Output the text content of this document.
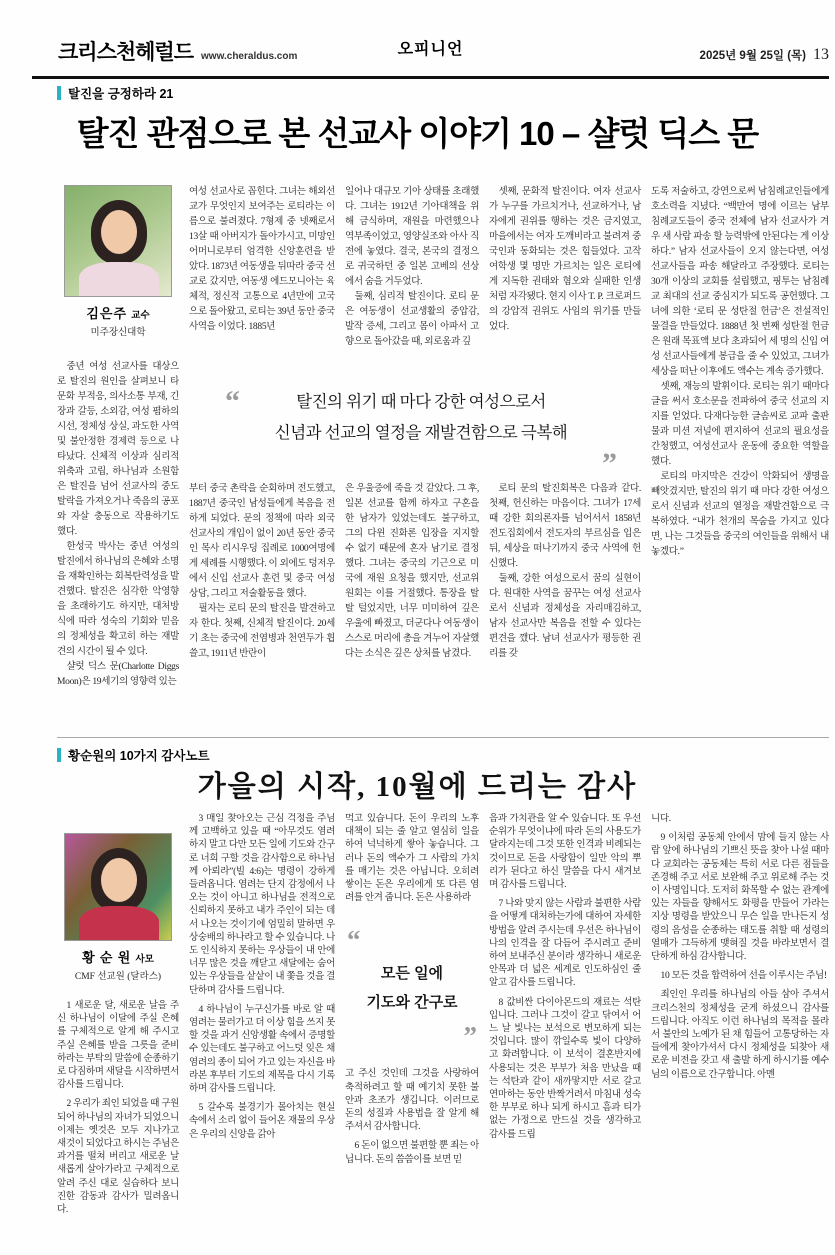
오피니언
크리스천헤럴드 www.cheraldus.com	2025년 9월 25일 (목) 13
탈진을 긍정하라 21
탈진 관점으로 본 선교사 이야기 10 – 샬럿 딕스 문
김은주 교수
미주장신대학

중년 여성 선교사를 대상으로 탈진의 원인을 살펴보니 타문화 부적응, 의사소통 부재, 긴장과 갈등, 소외감, 여성 폄하의 시선, 정체성 상실, 과도한 사역 및 불안정한 경제력 등으로 나타났다. 신체적 이상과 심리적 위축과 고립, 하나님과 소원함은 탈진을 넘어 선교사의 중도 탈락을 가져오거나 죽음의 공포와 자살 충동으로 작용하기도 했다.

한성국 박사는 중년 여성의 탈진에서 하나님의 은혜와 소명을 재확인하는 회복탄력성을 발견했다. 탈진은 심각한 악영향을 초래하기도 하지만, 대처방식에 따라 성숙의 기회와 믿음의 정체성을 확고히 하는 재발견의 시간이 될 수 있다.

샬럿 딕스 문(Charlotte Diggs Moon)은 19세기의 영향력 있는

여성 선교사로 꼽힌다. 그녀는 해외선교가 무엇인지 보여주는 로티라는 이름으로 불려졌다. 7형제 중 넷째로서 13살 때 아버지가 돌아가시고, 미망인 어머니로부터 엄격한 신앙훈련을 받았다. 1873년 여동생을 뒤따라 중국 선교로 갔지만, 여동생 에드모니아는 육체적, 정신적 고통으로 4년만에 고국으로 돌아왔고, 로티는 39년 동안 중국 사역을 이었다. 1885년

부터 중국 촌락을 순회하며 전도했고, 1887년 중국인 남성들에게 복음을 전하게 되었다. 문의 정책에 따라 외국 선교사의 개입이 없이 20년 동안 중국인 목사 리시우딩 집례로 1000여명에게 세례를 시행했다. 이 외에도 덩저우에서 신입 선교사 훈련 및 중국 여성 상담, 그리고 저술활동을 했다.

필자는 로티 문의 탈진을 발견하고자 한다. 첫째, 신체적 탈진이다. 20세기 초는 중국에 전염병과 천연두가 휩쓸고, 1911년 반란이

일어나 대규모 기아 상태를 초래했다. 그녀는 1912년 기아대책을 위해 금식하며, 재원을 마련했으나 역부족이었고, 영양실조와 아사 직전에 놓였다. 결국, 본국의 결정으로 귀국하던 중 일본 고베의 선상에서 숨을 거두었다.

둘째, 심리적 탈진이다. 로티 문은 여동생이 선교생활의 중압감, 발작 증세, 그리고 몸이 아파서 고향으로 돌아갔을 때, 외로움과 깊

은 우울증에 죽을 것 같았다. 그 후, 일본 선교를 함께 하자고 구혼을 한 남자가 있었는데도 불구하고, 그의 다윈 진화론 입장을 지지할 수 없기 때문에 혼자 남기로 결정했다. 그녀는 중국의 기근으로 미국에 재원 요청을 했지만, 선교위원회는 이를 거절했다. 통장을 탈탈 털었지만, 너무 미미하여 깊은 우울에 빠졌고, 더군다나 여동생이 스스로 머리에 총을 겨누어 자살했다는 소식은 깊은 상처를 남겼다.

셋째, 문화적 탈진이다. 여자 선교사가 누구를 가르치거나, 선교하거나, 남자에게 권위를 행하는 것은 금지였고, 마을에서는 여자 도깨비라고 불려져 중국인과 동화되는 것은 힘들었다. 고작 여학생 몇 명만 가르치는 일은 로티에게 지독한 권태와 혐오와 실패한 인생처럼 자각됐다. 현지 이사 T. P. 크로퍼드의 강압적 권위도 사임의 위기를 만들었다.

로티 문의 탈진회복은 다음과 같다. 첫째, 헌신하는 마음이다. 그녀가 17세 때 강한 회의론자를 넘어서서 1858년 전도집회에서 전도자의 부르심을 입은 뒤, 세상을 떠나기까지 중국 사역에 헌신했다.

둘째, 강한 여성으로서 꿈의 실현이다. 원대한 사역을 꿈꾸는 여성 선교사로서 신념과 정체성을 자리매김하고, 남자 선교사만 복음을 전할 수 있다는 편견을 깼다. 남녀 선교사가 평등한 권리를 갖

도록 저술하고, 강연으로써 남침례교인들에게 호소력을 지녔다. “백만여 명에 이르는 남부 침례교도들이 중국 전체에 남자 선교사가 겨우 새 사람 파송 할 능력밖에 안된다는 게 이상하다.” 남자 선교사들이 오지 않는다면, 여성 선교사들을 파송 해달라고 주장했다. 로티는 30개 이상의 교회를 설립했고, 핑투는 남침례교 최대의 선교 중심지가 되도록 공헌했다. 그녀에 의한 ‘로티 문 성탄절 헌금’은 전설적인 물결을 만들었다. 1888년 첫 번째 성탄절 헌금은 원래 목표액 보다 초과되어 세 명의 신입 여성 선교사들에게 봉급을 줄 수 있었고, 그녀가 세상을 떠난 이후에도 액수는 계속 증가했다.

셋째, 재능의 발휘이다. 로티는 위기 때마다 글을 써서 호소문을 전파하여 중국 선교의 지지를 얻었다. 다재다능한 글솜씨로 교파 출판물과 미션 저널에 편지하여 선교의 필요성을 간청했고, 여성선교사 운동에 중요한 역할을 했다.

로티의 마지막은 건강이 악화되어 생명을 빼앗겼지만, 탈진의 위기 때 마다 강한 여성으로서 신념과 선교의 열정을 재발견함으로 극복하였다. “내가 천개의 목숨을 가지고 있다면, 나는 그것들을 중국의 여인들을 위해서 내놓겠다.”

“	탈진의 위기 때 마다 강한 여성으로서
신념과 선교의 열정을 재발견함으로 극복해
”
황순원의 10가지 감사노트
가을의 시작, 10월에 드리는 감사
황 순 원 사모
CMF 선교원 (달라스)

1 새로운 달, 새로운 날을 주신 하나님이 이달에 주실 은혜를 구체적으로 알게 해 주시고 주실 은혜를 받을 그릇을 준비하라는 부탁의 말씀에 순종하기로 다짐하며 새달을 시작하면서 감사를 드립니다.

2 우리가 죄인 되었을 때 구원되어 하나님의 자녀가 되었으니 이제는 옛것은 모두 지나가고 새것이 되었다고 하시는 주님은 과거를 떨쳐 버리고 새로운 날 새롭게 살아가라고 구체적으로 알려 주신 대로 실습하다 보니 진한 감동과 감사가 밀려옵니다.

3 매일 찾아오는 근심 걱정을 주님께 고백하고 있을 때 “아무것도 염려하지 말고 다만 모든 일에 기도와 간구로 너희 구할 것을 감사함으로 하나님께 아뢰라”(빌 4:6)는 명령이 강하게 들려옵니다. 염려는 단지 감정에서 나오는 것이 아니고 하나님을 전적으로 신뢰하지 못하고 내가 주인이 되는 데서 나오는 것이기에 엄밀히 말하면 우상숭배의 하나라고 할 수 있습니다. 나도 인식하지 못하는 우상들이 내 안에 너무 많은 것을 깨닫고 새달에는 숨어있는 우상들을 샅샅이 내 쫓을 것을 결단하며 감사를 드립니다.

4 하나님이 누구신가를 바로 알 때 염려는 물러가고 더 이상 힘을 쓰지 못할 것을 과거 신앙생활 속에서 증명할 수 있는데도 불구하고 어느덧 잊은 채 염려의 종이 되어 가고 있는 자신을 바라본 후부터 기도의 제목을 다시 기록하며 감사를 드립니다.

5 갈수록 불경기가 몰아치는 현실 속에서 소리 없이 들어온 재물의 우상은 우리의 신앙을 갉아

먹고 있습니다. 돈이 우리의 노후 대책이 되는 줄 알고 열심히 일을 하여 넉넉하게 쌓아 놓습니다. 그러나 돈의 액수가 그 사람의 가치를 매기는 것은 아닙니다. 오히려 쌓이는 돈은 우리에게 또 다른 염려를 안겨 줍니다. 돈은 사용하라

“
모든 일에
기도와 간구로
”

고 주신 것인데 그것을 사랑하여 축적하려고 할 때 예기치 못한 불안과 초조가 생깁니다. 이러므로 돈의 성질과 사용법을 잘 알게 해 주셔서 감사합니다.

6 돈이 없으면 불편할 뿐 죄는 아닙니다. 돈의 씀씀이를 보면 믿

음과 가치관을 알 수 있습니다. 또 우선순위가 무엇이냐에 따라 돈의 사용도가 달라지는데 그것 또한 인격과 비례되는 것이므로 돈을 사랑함이 일만 악의 뿌리가 된다고 하신 말씀을 다시 새겨보며 감사를 드립니다.

7 나와 맞지 않는 사람과 불편한 사람을 어떻게 대처하는가에 대하여 자세한 방법을 알려 주시는데 우선은 하나님이 나의 인격을 잘 다듬어 주시려고 준비하여 보내주신 분이라 생각하니 새로운 안목과 더 넓은 세계로 인도하심인 줄 알고 감사를 드립니다.

8 값비싼 다이아몬드의 재료는 석탄입니다. 그러나 그것이 갈고 닦여서 어느 날 빛나는 보석으로 변모하게 되는 것입니다. 많이 깎일수록 빛이 다양하고 화려합니다. 이 보석이 결혼반지에 사용되는 것은 부부가 처음 만났을 때는 석탄과 같이 새까맣지만 서로 갈고 연마하는 동안 반짝거려서 마침내 성숙한 부부로 하나 되게 하시고 흠과 티가 없는 가정으로 만드실 것을 생각하고 감사를 드립

니다.

9 이처럼 공동체 안에서 맘에 들지 않는 사람 앞에 하나님의 기쁘신 뜻을 찾아 나설 때마다 교회라는 공동체는 특히 서로 다른 점들을 존경해 주고 서로 보완해 주고 위로해 주는 것이 사명입니다. 도저히 화목할 수 없는 관계에 있는 자들을 향해서도 화평을 만들어 가라는 지상 명령을 받았으니 무슨 일을 만나든지 성령의 음성을 순종하는 태도를 취할 때 성령의 열매가 그득하게 맺혀질 것을 바라보면서 결단하게 하심 감사합니다.

10 모든 것을 합력하여 선을 이루시는 주님!

죄인인 우리를 하나님의 아들 삼아 주셔서 크리스천의 정체성을 굳게 하셨으니 감사를 드립니다. 아직도 이런 하나님의 목적을 몰라서 불안의 노예가 된 채 힘들어 고통당하는 자들에게 찾아가셔서 다시 정체성을 되찾아 새로운 비전을 갖고 새 출발 하게 하시기를 예수님의 이름으로 간구합니다. 아멘
